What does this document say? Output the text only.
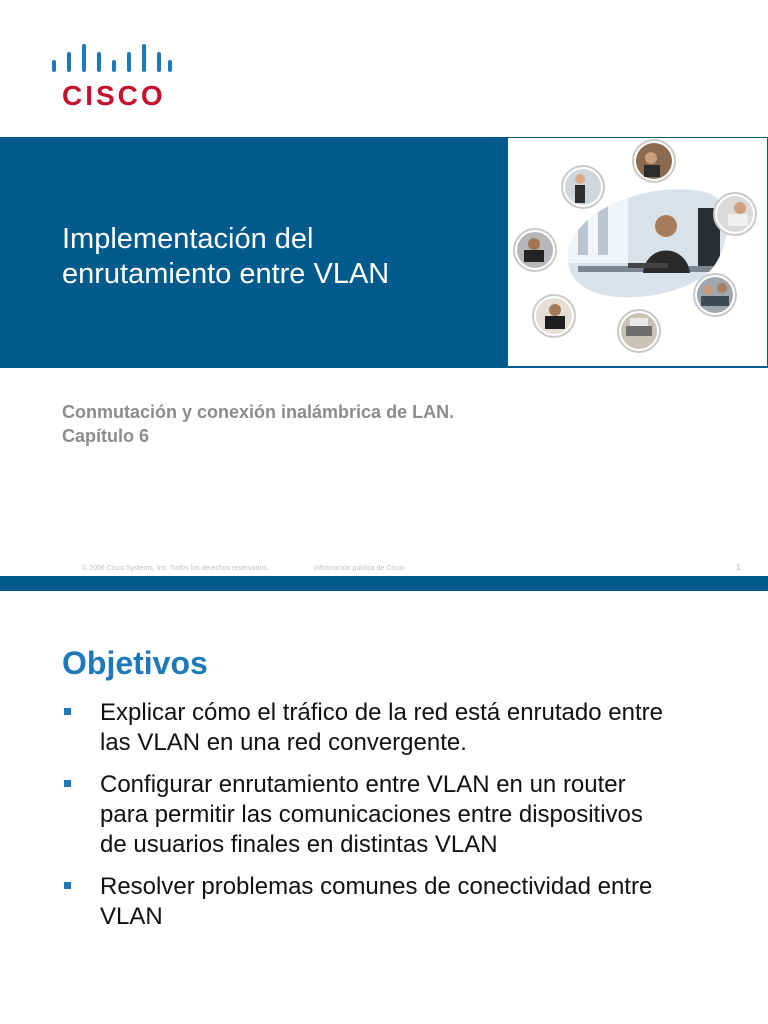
CISCO
Implementación del
enrutamiento entre VLAN
Conmutación y conexión inalámbrica de LAN.
Capítulo 6
© 2006 Cisco Systems, Inc. Todos los derechos reservados.	Información pública de Cisco	1
Objetivos
Explicar cómo el tráfico de la red está enrutado entre
las VLAN en una red convergente.
Configurar enrutamiento entre VLAN en un router
para permitir las comunicaciones entre dispositivos
de usuarios finales en distintas VLAN
Resolver problemas comunes de conectividad entre
VLAN
